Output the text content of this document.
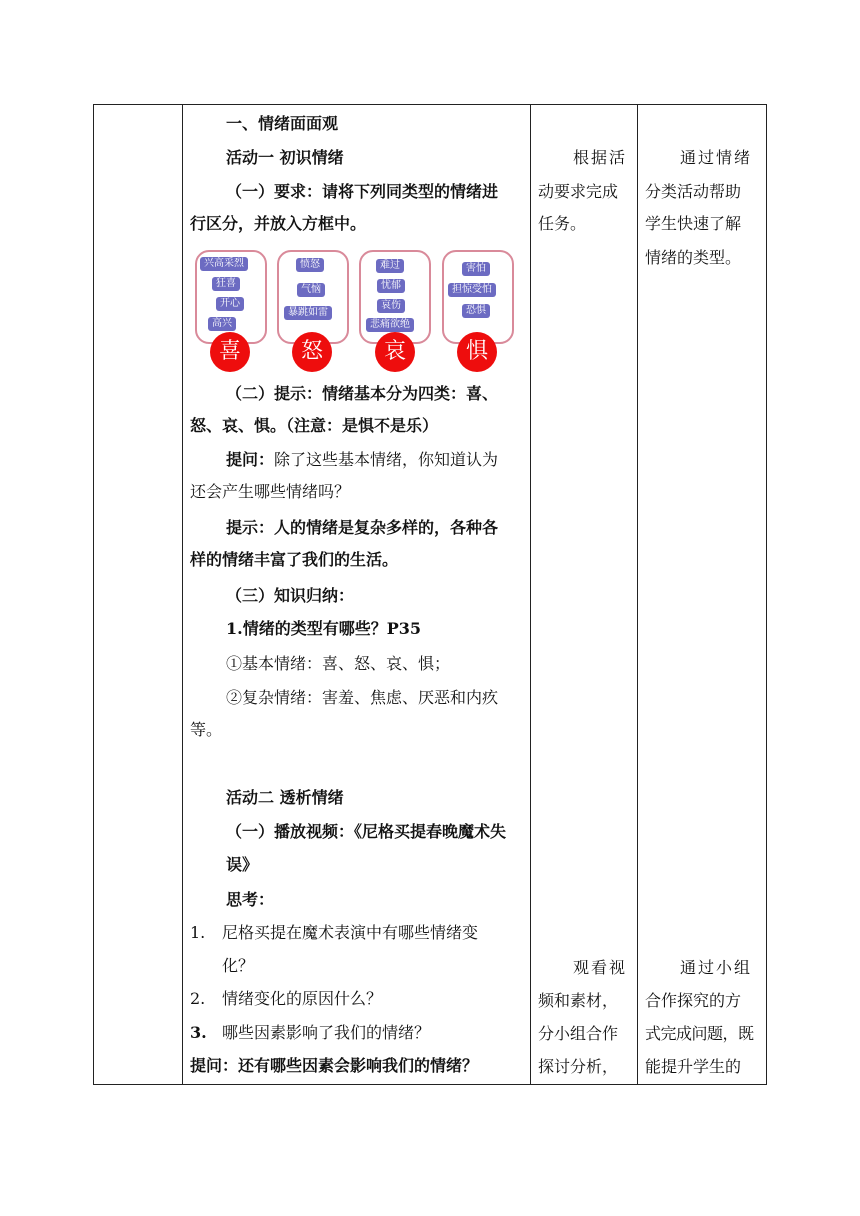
一、情绪面面观
活动一 初识情绪
（一）要求：请将下列同类型的情绪进
行区分，并放入方框中。
兴高采烈
狂喜
开心
高兴
喜
愤怒
气恼
暴跳如雷
怒
难过
忧郁
哀伤
悲痛欲绝
哀
害怕
担惊受怕
恐惧
惧
（二）提示：情绪基本分为四类：喜、
怒、哀、惧。（注意：是惧不是乐）
提问：除了这些基本情绪，你知道认为
还会产生哪些情绪吗？
提示：人的情绪是复杂多样的，各种各
样的情绪丰富了我们的生活。
（三）知识归纳：
1.情绪的类型有哪些？P35
①基本情绪：喜、怒、哀、惧；
②复杂情绪：害羞、焦虑、厌恶和内疚
等。
活动二 透析情绪
（一）播放视频：《尼格买提春晚魔术失
误》
思考：
1. 尼格买提在魔术表演中有哪些情绪变
化？
2. 情绪变化的原因什么？
3. 哪些因素影响了我们的情绪？
提问：还有哪些因素会影响我们的情绪？
根据活
动要求完成
任务。
观看视
频和素材，
分小组合作
探讨分析，
通过情绪
分类活动帮助
学生快速了解
情绪的类型。
通过小组
合作探究的方
式完成问题，既
能提升学生的
